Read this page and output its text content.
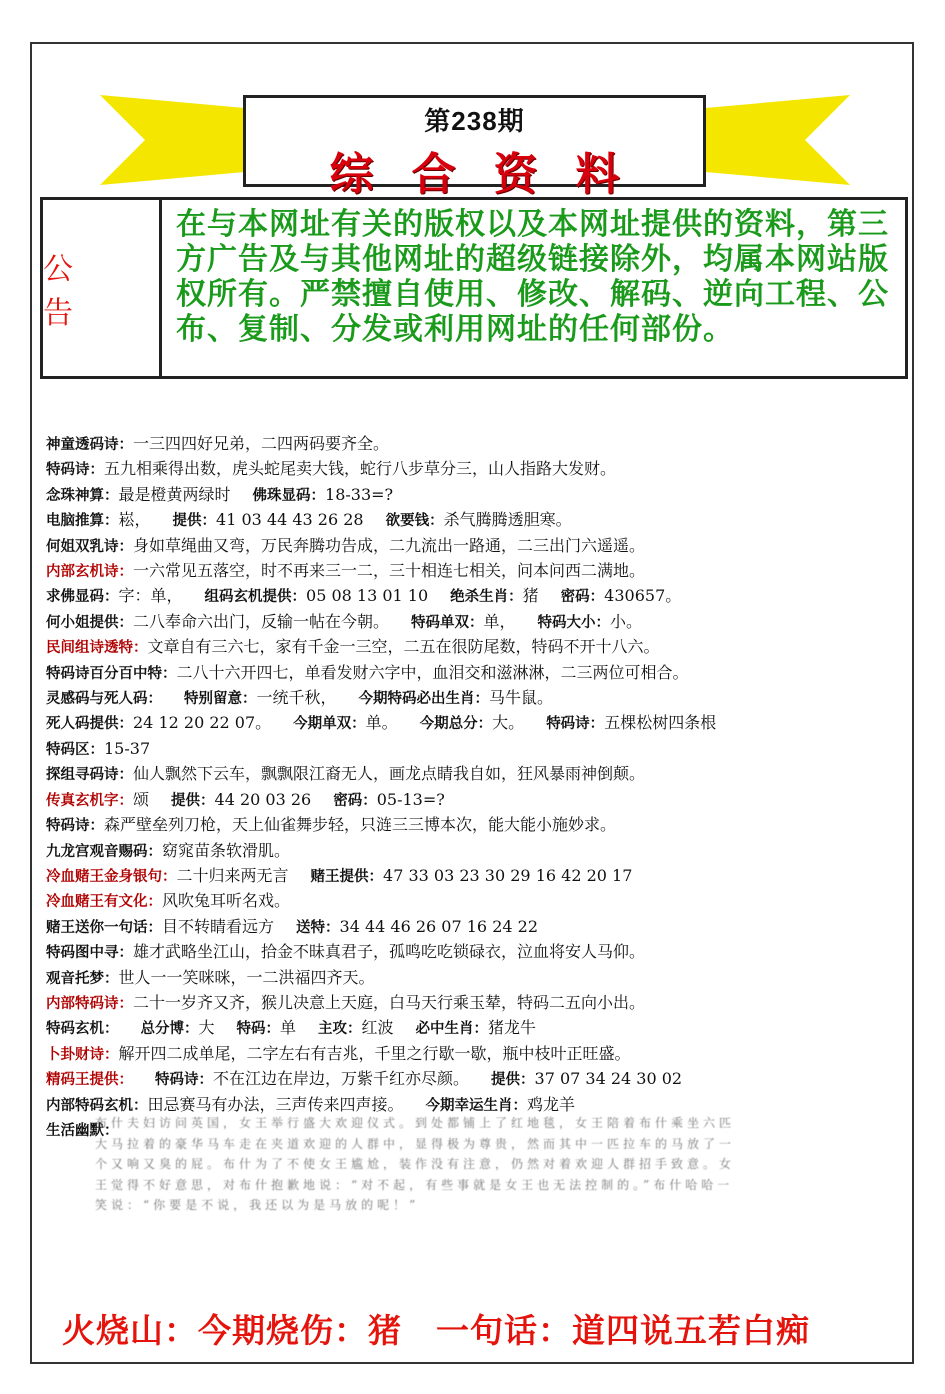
第238期
综合资料
公 告
在与本网址有关的版权以及本网址提供的资料，第三方广告及与其他网址的超级链接除外，均属本网站版权所有。严禁擅自使用、修改、解码、逆向工程、公布、复制、分发或利用网址的任何部份。
神童透码诗：一三四四好兄弟，二四两码要齐全。
特码诗：五九相乘得出数，虎头蛇尾卖大钱，蛇行八步草分三，山人指路大发财。
念珠神算：最是橙黄两绿时 佛珠显码：18-33=?
电脑推算：崧， 提供：41 03 44 43 26 28 欲要钱：杀气腾腾透胆寒。
何姐双乳诗：身如草绳曲又弯，万民奔腾功告成，二九流出一路通，二三出门六遥遥。
内部玄机诗：一六常见五落空，时不再来三一二，三十相连七相关，问本问西二满地。
求佛显码：字：单， 组码玄机提供：05 08 13 01 10 绝杀生肖：猪 密码：430657。
何小姐提供：二八奉命六出门，反输一帖在今朝。 特码单双：单， 特码大小：小。
民间组诗透特：文章自有三六七，家有千金一三空，二五在很防尾数，特码不开十八六。
特码诗百分百中特：二八十六开四七，单看发财六字中，血泪交和滋淋淋，二三两位可相合。
灵感码与死人码： 特别留意：一统千秋， 今期特码必出生肖：马牛鼠。
死人码提供：24 12 20 22 07。 今期单双：单。 今期总分：大。 特码诗：五棵松树四条根
特码区：15-37
探组寻码诗：仙人飘然下云车，飘飘限江裔无人，画龙点睛我自如，狂风暴雨神倒颠。
传真玄机字：颂 提供：44 20 03 26 密码：05-13=?
特码诗：森严壁垒列刀枪，天上仙雀舞步轻，只涟三三博本次，能大能小施妙求。
九龙宫观音赐码：窈窕苗条软滑肌。
冷血赌王金身银句：二十归来两无言 赌王提供：47 33 03 23 30 29 16 42 20 17
冷血赌王有文化：风吹兔耳听名戏。
赌王送你一句话：目不转睛看远方 送特：34 44 46 26 07 16 24 22
特码图中寻：雄才武略坐江山，拾金不昧真君子，孤鸣吃吃锁碌衣，泣血将安人马仰。
观音托梦：世人一一笑咪咪，一二洪福四齐天。
内部特码诗：二十一岁齐又齐，猴儿决意上天庭，白马天行乘玉辇，特码二五向小出。
特码玄机： 总分博：大 特码：单 主攻：红波 必中生肖：猪龙牛
卜卦财诗：解开四二成单尾，二字左右有吉兆，千里之行歇一歇，瓶中枝叶正旺盛。
精码王提供： 特码诗：不在江边在岸边，万紫千红亦尽颜。 提供：37 07 34 24 30 02
内部特码玄机：田忌赛马有办法，三声传来四声接。 今期幸运生肖：鸡龙羊
生活幽默：
布什夫妇访问英国，女王举行盛大欢迎仪式。到处都铺上了红地毯，女王陪着布什乘坐六匹大马拉着的豪华马车走在夹道欢迎的人群中，显得极为尊贵，然而其中一匹拉车的马放了一个又响又臭的屁。布什为了不使女王尴尬，装作没有注意，仍然对着欢迎人群招手致意。女王觉得不好意思，对布什抱歉地说：“对不起，有些事就是女王也无法控制的。”布什哈哈一笑说：“你要是不说，我还以为是马放的呢！”
火烧山：今期烧伤：猪 一句话：道四说五若白痴
